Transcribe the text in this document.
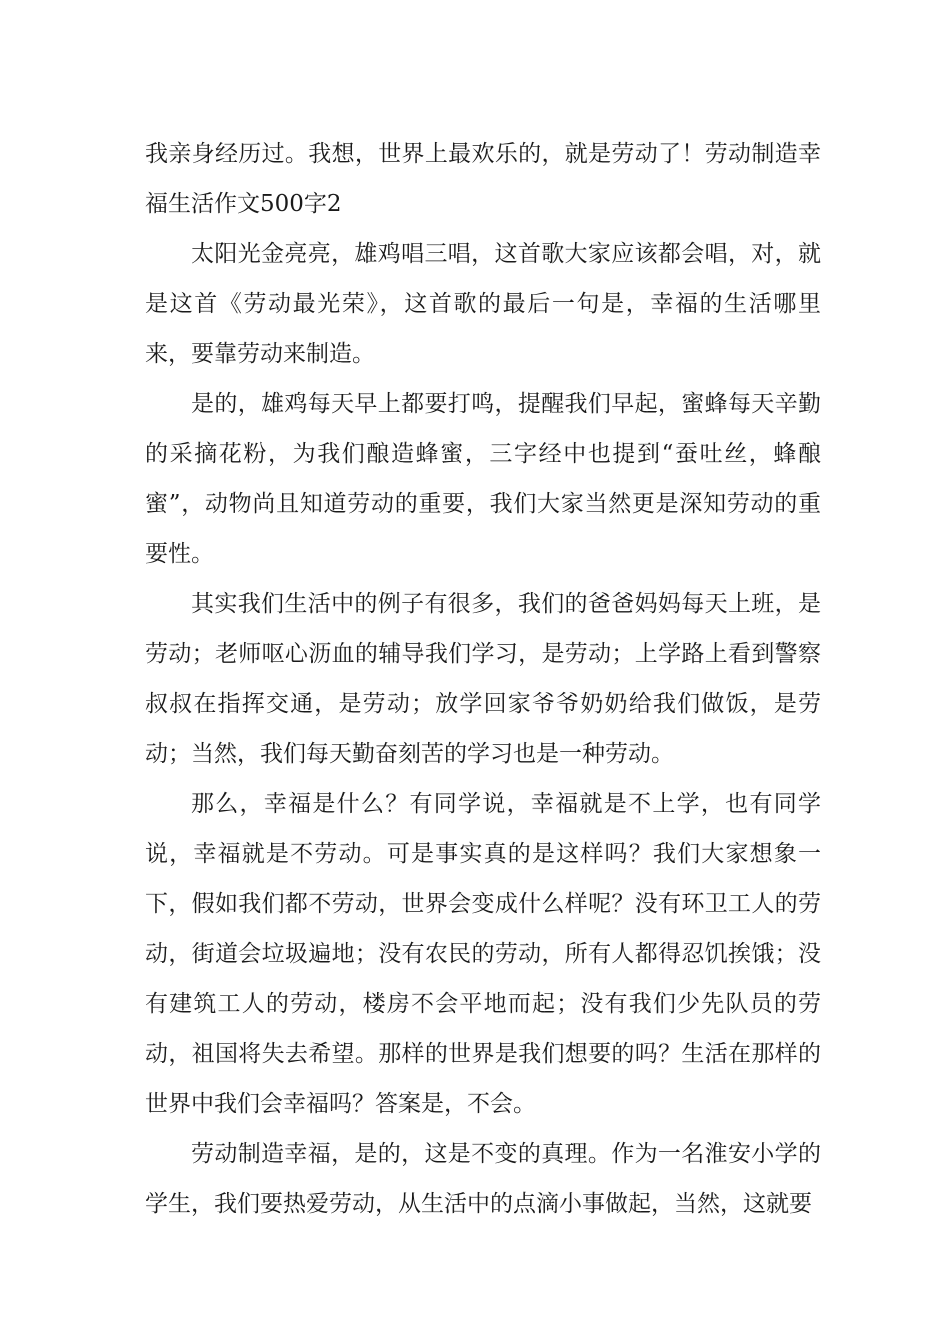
我亲身经历过。我想，世界上最欢乐的，就是劳动了！劳动制造幸福生活作文500字2

太阳光金亮亮，雄鸡唱三唱，这首歌大家应该都会唱，对，就是这首《劳动最光荣》，这首歌的最后一句是，幸福的生活哪里来，要靠劳动来制造。

是的，雄鸡每天早上都要打鸣，提醒我们早起，蜜蜂每天辛勤的采摘花粉，为我们酿造蜂蜜，三字经中也提到“蚕吐丝，蜂酿蜜”，动物尚且知道劳动的重要，我们大家当然更是深知劳动的重要性。

其实我们生活中的例子有很多，我们的爸爸妈妈每天上班，是劳动；老师呕心沥血的辅导我们学习，是劳动；上学路上看到警察叔叔在指挥交通，是劳动；放学回家爷爷奶奶给我们做饭，是劳动；当然，我们每天勤奋刻苦的学习也是一种劳动。

那么，幸福是什么？有同学说，幸福就是不上学，也有同学说，幸福就是不劳动。可是事实真的是这样吗？我们大家想象一下，假如我们都不劳动，世界会变成什么样呢？没有环卫工人的劳动，街道会垃圾遍地；没有农民的劳动，所有人都得忍饥挨饿；没有建筑工人的劳动，楼房不会平地而起；没有我们少先队员的劳动，祖国将失去希望。那样的世界是我们想要的吗？生活在那样的世界中我们会幸福吗？答案是，不会。

劳动制造幸福，是的，这是不变的真理。作为一名淮安小学的学生，我们要热爱劳动，从生活中的点滴小事做起，当然，这就要
